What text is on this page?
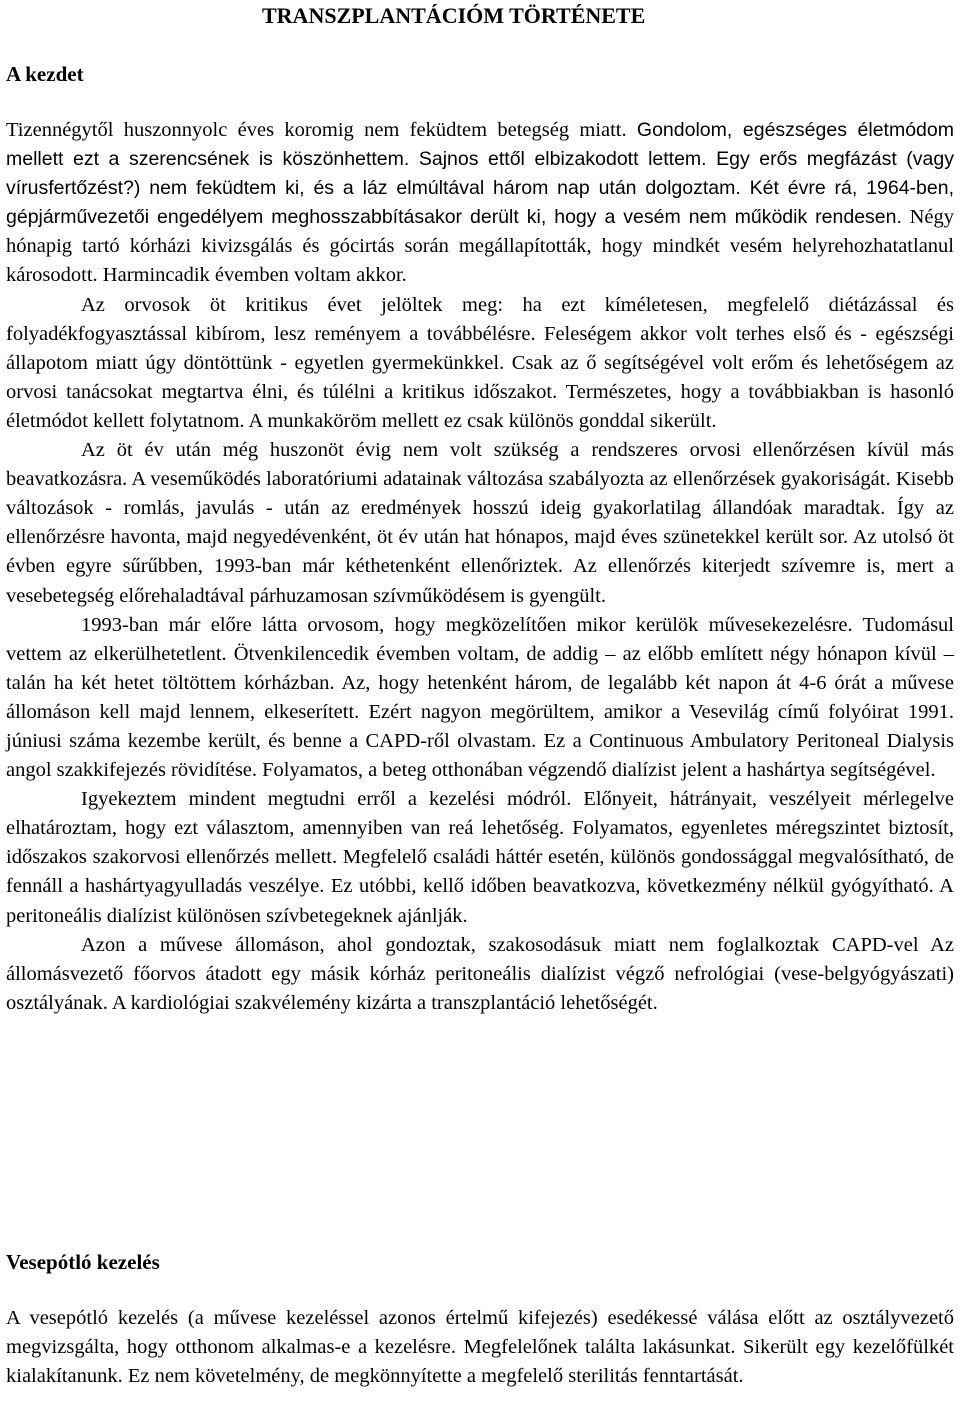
TRANSZPLANTÁCIÓM TÖRTÉNETE
A kezdet

Tizennégytől huszonnyolc éves koromig nem feküdtem betegség miatt. Gondolom, egészséges életmódom mellett ezt a szerencsének is köszönhettem. Sajnos ettől elbizakodott lettem. Egy erős megfázást (vagy vírusfertőzést?) nem feküdtem ki, és a láz elmúltával három nap után dolgoztam. Két évre rá, 1964-ben, gépjárművezetői engedélyem meghosszabbításakor derült ki, hogy a vesém nem működik rendesen. Négy hónapig tartó kórházi kivizsgálás és gócirtás során megállapították, hogy mindkét vesém helyrehozhatatlanul károsodott. Harmincadik évemben voltam akkor.

Az orvosok öt kritikus évet jelöltek meg: ha ezt kíméletesen, megfelelő diétázással és folyadékfogyasztással kibírom, lesz reményem a továbbélésre. Feleségem akkor volt terhes első és - egészségi állapotom miatt úgy döntöttünk - egyetlen gyermekünkkel. Csak az ő segítségével volt erőm és lehetőségem az orvosi tanácsokat megtartva élni, és túlélni a kritikus időszakot. Természetes, hogy a továbbiakban is hasonló életmódot kellett folytatnom. A munkaköröm mellett ez csak különös gonddal sikerült.

Az öt év után még huszonöt évig nem volt szükség a rendszeres orvosi ellenőrzésen kívül más beavatkozásra. A veseműködés laboratóriumi adatainak változása szabályozta az ellenőrzések gyakoriságát. Kisebb változások - romlás, javulás - után az eredmények hosszú ideig gyakorlatilag állandóak maradtak. Így az ellenőrzésre havonta, majd negyedévenként, öt év után hat hónapos, majd éves szünetekkel került sor. Az utolsó öt évben egyre sűrűbben, 1993-ban már kéthetenként ellenőriztek. Az ellenőrzés kiterjedt szívemre is, mert a vesebetegség előrehaladtával párhuzamosan szívműködésem is gyengült.

1993-ban már előre látta orvosom, hogy megközelítően mikor kerülök művesekezelésre. Tudomásul vettem az elkerülhetetlent. Ötvenkilencedik évemben voltam, de addig – az előbb említett négy hónapon kívül – talán ha két hetet töltöttem kórházban. Az, hogy hetenként három, de legalább két napon át 4-6 órát a művese állomáson kell majd lennem, elkeserített. Ezért nagyon megörültem, amikor a Vesevilág című folyóirat 1991. júniusi száma kezembe került, és benne a CAPD-ről olvastam. Ez a Continuous Ambulatory Peritoneal Dialysis angol szakkifejezés rövidítése. Folyamatos, a beteg otthonában végzendő dialízist jelent a hashártya segítségével.

Igyekeztem mindent megtudni erről a kezelési módról. Előnyeit, hátrányait, veszélyeit mérlegelve elhatároztam, hogy ezt választom, amennyiben van reá lehetőség. Folyamatos, egyenletes méregszintet biztosít, időszakos szakorvosi ellenőrzés mellett. Megfelelő családi háttér esetén, különös gondossággal megvalósítható, de fennáll a hashártyagyulladás veszélye. Ez utóbbi, kellő időben beavatkozva, következmény nélkül gyógyítható. A peritoneális dialízist különösen szívbetegeknek ajánlják.

Azon a művese állomáson, ahol gondoztak, szakosodásuk miatt nem foglalkoztak CAPD-vel Az állomásvezető főorvos átadott egy másik kórház peritoneális dialízist végző nefrológiai (vese-belgyógyászati) osztályának. A kardiológiai szakvélemény kizárta a transzplantáció lehetőségét.

Vesepótló kezelés

A vesepótló kezelés (a művese kezeléssel azonos értelmű kifejezés) esedékessé válása előtt az osztályvezető megvizsgálta, hogy otthonom alkalmas-e a kezelésre. Megfelelőnek találta lakásunkat. Sikerült egy kezelőfülkét kialakítanunk. Ez nem követelmény, de megkönnyítette a megfelelő sterilitás fenntartását.
